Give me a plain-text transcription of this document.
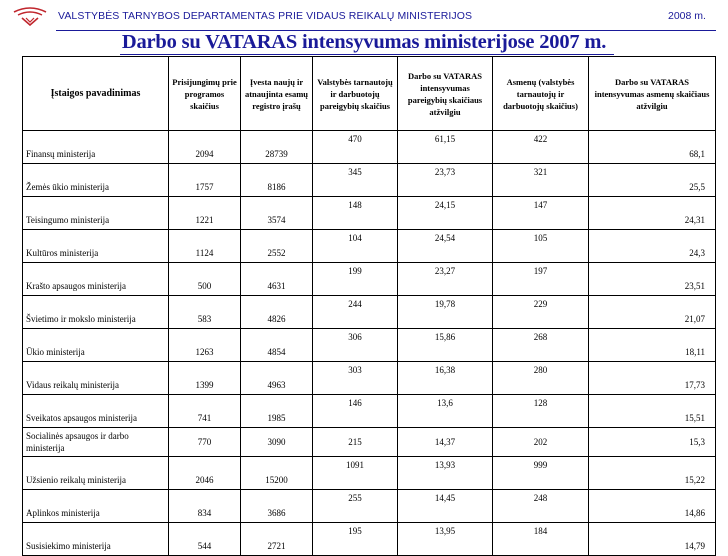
VALSTYBĖS TARNYBOS DEPARTAMENTAS PRIE VIDAUS REIKALŲ MINISTERIJOS	2008 m.
Darbo su VATARAS intensyvumas ministerijose 2007 m.
Įstaigos pavadinimas	Prisijungimų prie programos skaičius	Įvesta naujų ir atnaujinta esamų registro įrašų	Valstybės tarnautojų ir darbuotojų pareigybių skaičius	Darbo su VATARAS intensyvumas pareigybių skaičiaus atžvilgiu	Asmenų (valstybės tarnautojų ir darbuotojų skaičius)	Darbo su VATARAS intensyvumas asmenų skaičiaus atžvilgiu
Finansų ministerija	2094	28739	470	61,15	422	68,1
Žemės ūkio ministerija	1757	8186	345	23,73	321	25,5
Teisingumo ministerija	1221	3574	148	24,15	147	24,31
Kultūros ministerija	1124	2552	104	24,54	105	24,3
Krašto apsaugos ministerija	500	4631	199	23,27	197	23,51
Švietimo ir mokslo ministerija	583	4826	244	19,78	229	21,07
Ūkio ministerija	1263	4854	306	15,86	268	18,11
Vidaus reikalų ministerija	1399	4963	303	16,38	280	17,73
Sveikatos apsaugos ministerija	741	1985	146	13,6	128	15,51
Socialinės apsaugos ir darbo ministerija	770	3090	215	14,37	202	15,3
Užsienio reikalų ministerija	2046	15200	1091	13,93	999	15,22
Aplinkos ministerija	834	3686	255	14,45	248	14,86
Susisiekimo ministerija	544	2721	195	13,95	184	14,79
